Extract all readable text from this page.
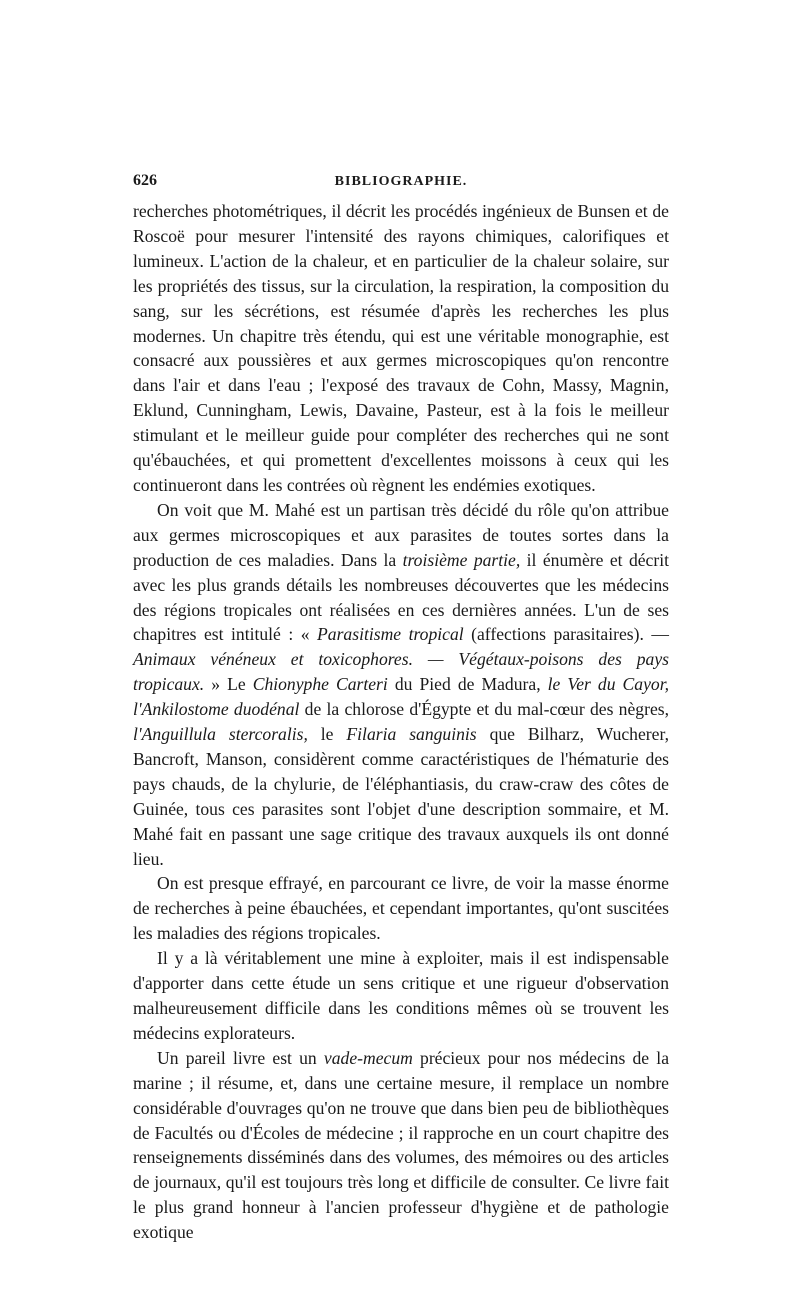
626	BIBLIOGRAPHIE.

recherches photométriques, il décrit les procédés ingénieux de Bunsen et de Roscoë pour mesurer l'intensité des rayons chimiques, calorifiques et lumineux. L'action de la chaleur, et en particulier de la chaleur solaire, sur les propriétés des tissus, sur la circulation, la respiration, la composition du sang, sur les sécrétions, est résumée d'après les recherches les plus modernes. Un chapitre très étendu, qui est une véritable monographie, est consacré aux poussières et aux germes microscopiques qu'on rencontre dans l'air et dans l'eau ; l'exposé des travaux de Cohn, Massy, Magnin, Eklund, Cunningham, Lewis, Davaine, Pasteur, est à la fois le meilleur stimulant et le meilleur guide pour compléter des recherches qui ne sont qu'ébauchées, et qui promettent d'excellentes moissons à ceux qui les continueront dans les contrées où règnent les endémies exotiques.

On voit que M. Mahé est un partisan très décidé du rôle qu'on attribue aux germes microscopiques et aux parasites de toutes sortes dans la production de ces maladies. Dans la troisième partie, il énumère et décrit avec les plus grands détails les nombreuses découvertes que les médecins des régions tropicales ont réalisées en ces dernières années. L'un de ses chapitres est intitulé : « Parasitisme tropical (affections parasitaires). — Animaux vénéneux et toxicophores. — Végétaux-poisons des pays tropicaux. » Le Chionyphe Carteri du Pied de Madura, le Ver du Cayor, l'Ankilostome duodénal de la chlorose d'Égypte et du mal-cœur des nègres, l'Anguillula stercoralis, le Filaria sanguinis que Bilharz, Wucherer, Bancroft, Manson, considèrent comme caractéristiques de l'hématurie des pays chauds, de la chylurie, de l'éléphantiasis, du craw-craw des côtes de Guinée, tous ces parasites sont l'objet d'une description sommaire, et M. Mahé fait en passant une sage critique des travaux auxquels ils ont donné lieu.

On est presque effrayé, en parcourant ce livre, de voir la masse énorme de recherches à peine ébauchées, et cependant importantes, qu'ont suscitées les maladies des régions tropicales.

Il y a là véritablement une mine à exploiter, mais il est indispensable d'apporter dans cette étude un sens critique et une rigueur d'observation malheureusement difficile dans les conditions mêmes où se trouvent les médecins explorateurs.

Un pareil livre est un vade-mecum précieux pour nos médecins de la marine ; il résume, et, dans une certaine mesure, il remplace un nombre considérable d'ouvrages qu'on ne trouve que dans bien peu de bibliothèques de Facultés ou d'Écoles de médecine ; il rapproche en un court chapitre des renseignements disséminés dans des volumes, des mémoires ou des articles de journaux, qu'il est toujours très long et difficile de consulter. Ce livre fait le plus grand honneur à l'ancien professeur d'hygiène et de pathologie exotique
